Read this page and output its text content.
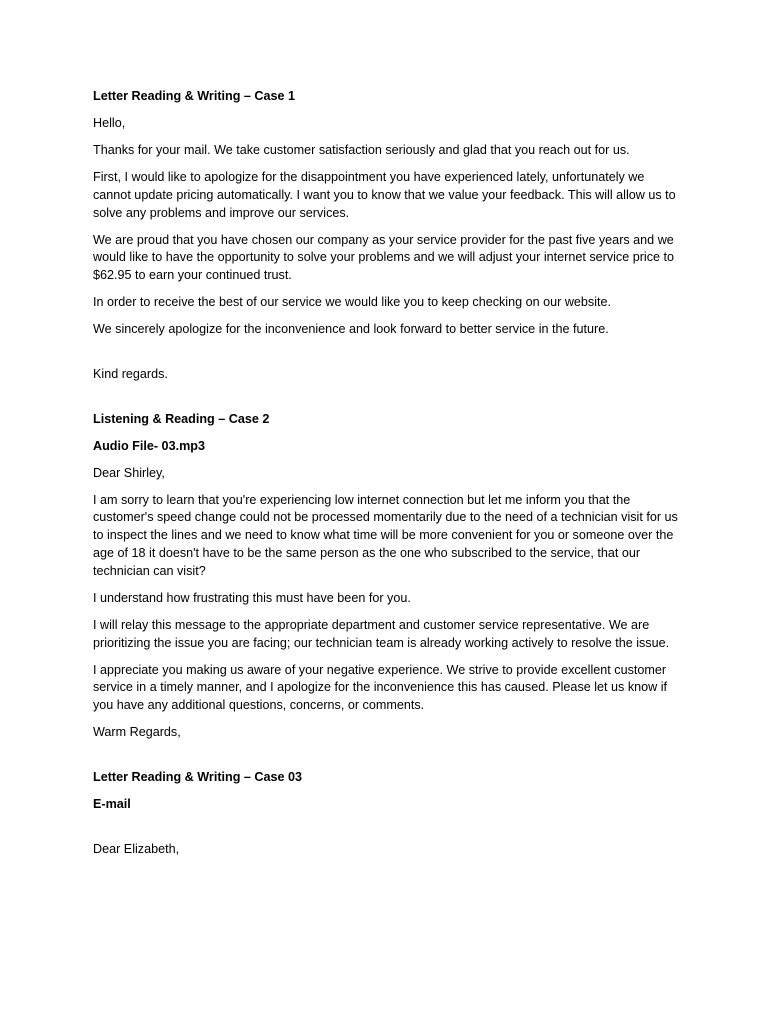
Letter Reading & Writing – Case 1

Hello,

Thanks for your mail. We take customer satisfaction seriously and glad that you reach out for us.

First, I would like to apologize for the disappointment you have experienced lately, unfortunately we cannot update pricing automatically. I want you to know that we value your feedback. This will allow us to solve any problems and improve our services.

We are proud that you have chosen our company as your service provider for the past five years and we would like to have the opportunity to solve your problems and we will adjust your internet service price to $62.95 to earn your continued trust.

In order to receive the best of our service we would like you to keep checking on our website.

We sincerely apologize for the inconvenience and look forward to better service in the future.

Kind regards.

Listening & Reading – Case 2

Audio File- 03.mp3

Dear Shirley,

I am sorry to learn that you're experiencing low internet connection but let me inform you that the customer's speed change could not be processed momentarily due to the need of a technician visit for us to inspect the lines and we need to know what time will be more convenient for you or someone over the age of 18 it doesn't have to be the same person as the one who subscribed to the service, that our technician can visit?

I understand how frustrating this must have been for you.

I will relay this message to the appropriate department and customer service representative. We are prioritizing the issue you are facing; our technician team is already working actively to resolve the issue.

I appreciate you making us aware of your negative experience. We strive to provide excellent customer service in a timely manner, and I apologize for the inconvenience this has caused. Please let us know if you have any additional questions, concerns, or comments.

Warm Regards,

Letter Reading & Writing – Case 03

E-mail

Dear Elizabeth,
